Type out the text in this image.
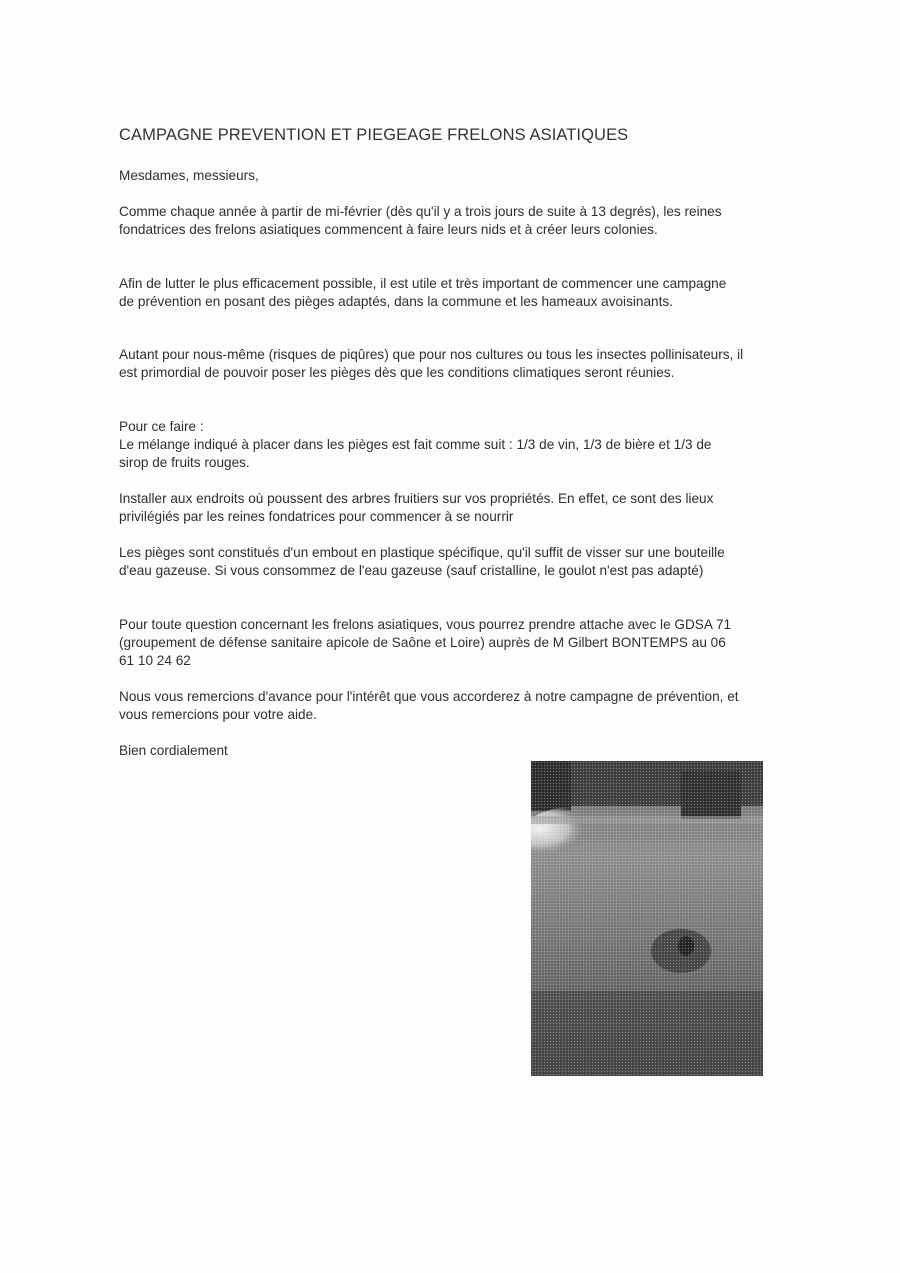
CAMPAGNE PREVENTION ET PIEGEAGE FRELONS ASIATIQUES

Mesdames, messieurs,

Comme chaque année à partir de mi-février (dès qu'il y a trois jours de suite à 13 degrés), les reines fondatrices des frelons asiatiques commencent à faire leurs nids et à créer leurs colonies.

Afin de lutter le plus efficacement possible, il est utile et très important de commencer une campagne de prévention en posant des pièges adaptés, dans la commune et les hameaux avoisinants.

Autant pour nous-même (risques de piqûres) que pour nos cultures ou tous les insectes pollinisateurs, il est primordial de pouvoir poser les pièges dès que les conditions climatiques seront réunies.

Pour ce faire :

Le mélange indiqué à placer dans les pièges est fait comme suit : 1/3 de vin, 1/3 de bière et 1/3 de sirop de fruits rouges.

Installer aux endroits où poussent des arbres fruitiers sur vos propriétés. En effet, ce sont des lieux privilégiés par les reines fondatrices pour commencer à se nourrir

Les pièges sont constitués d'un embout en plastique spécifique, qu'il suffit de visser sur une bouteille d'eau gazeuse. Si vous consommez de l'eau gazeuse (sauf cristalline, le goulot n'est pas adapté)

Pour toute question concernant les frelons asiatiques, vous pourrez prendre attache avec le GDSA 71 (groupement de défense sanitaire apicole de Saône et Loire) auprès de M Gilbert BONTEMPS au 06 61 10 24 62

Nous vous remercions d'avance pour l'intérêt que vous accorderez à notre campagne de prévention, et vous remercions pour votre aide.

Bien cordialement
